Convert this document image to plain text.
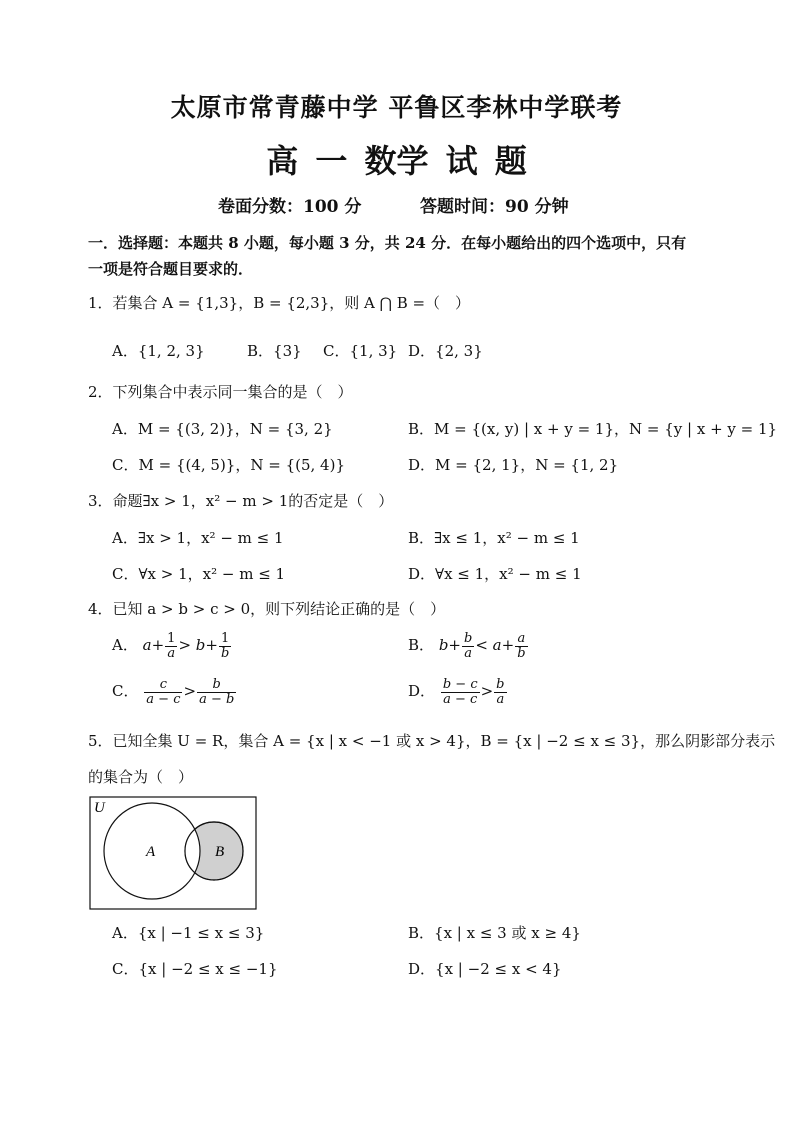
太原市常青藤中学 平鲁区李林中学联考
高 一 数学 试 题
卷面分数：100 分	答题时间：90 分钟
一．选择题：本题共 8 小题，每小题 3 分，共 24 分．在每小题给出的四个选项中，只有
一项是符合题目要求的．
1．若集合 A = {1,3}，B = {2,3}，则 A ⋂ B =（　）
A．{1, 2, 3}	B．{3} C．{1, 3} D．{2, 3}
2．下列集合中表示同一集合的是（　）
A．M = {(3, 2)}，N = {3, 2}	B．M = {(x, y) | x + y = 1}，N = {y | x + y = 1}
C．M = {(4, 5)}，N = {(5, 4)}	D．M = {2, 1}，N = {1, 2}
3．命题∃x > 1，x² − m > 1的否定是（　）
A．∃x > 1，x² − m ≤ 1	B．∃x ≤ 1，x² − m ≤ 1
C．∀x > 1，x² − m ≤ 1	D．∀x ≤ 1，x² − m ≤ 1
4．已知 a > b > c > 0，则下列结论正确的是（　）
A． $a+ \frac{1}{a} > b+ \frac{1}{b}$	B． $b+ \frac{b}{a} < a+ \frac{a}{b}$
C． $\frac{c}{a - c} > \frac{b}{a - b}$	D． $\frac{b - c}{a - c} > \frac{b}{a}$
5．已知全集 U = R，集合 A = {x | x < −1 或 x > 4}，B = {x | −2 ≤ x ≤ 3}，那么阴影部分表示
的集合为（　）
U
A	B
A．{x | −1 ≤ x ≤ 3}	B．{x | x ≤ 3 或 x ≥ 4}
C．{x | −2 ≤ x ≤ −1}	D．{x | −2 ≤ x < 4}
